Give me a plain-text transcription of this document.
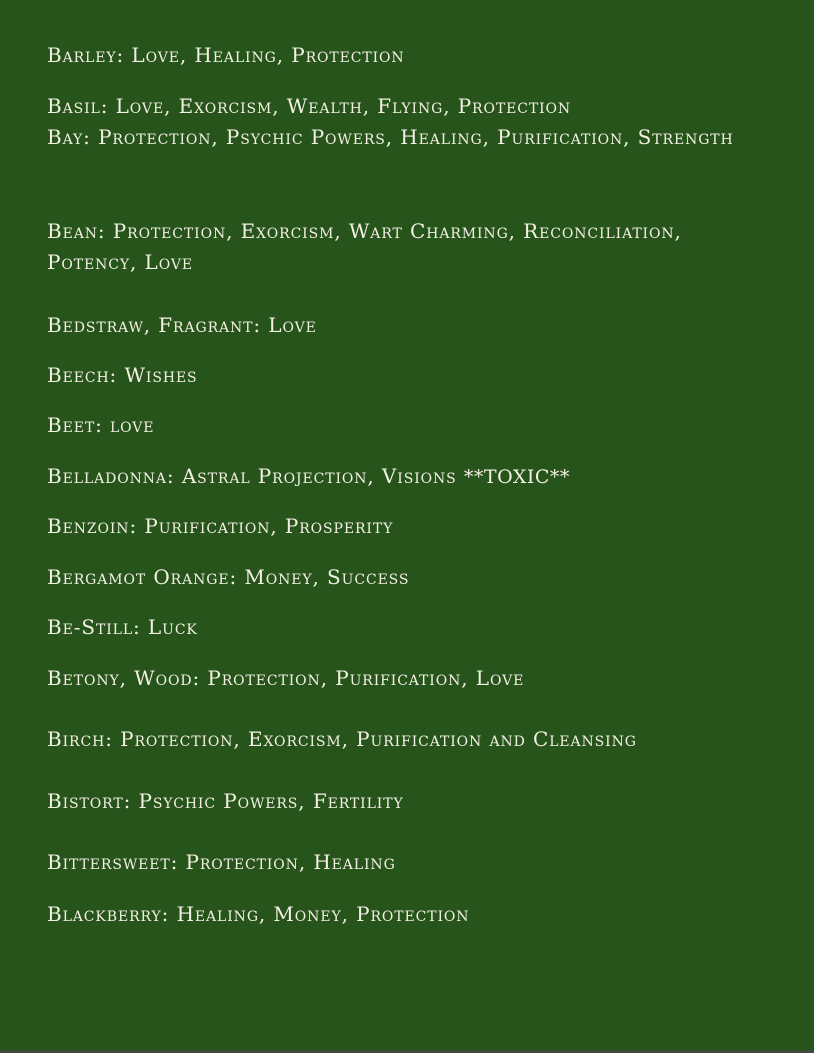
Barley: Love, Healing, Protection

Basil: Love, Exorcism, Wealth, Flying, Protection

Bay: Protection, Psychic Powers, Healing, Purification, Strength

Bean: Protection, Exorcism, Wart Charming, Reconciliation, Potency, Love

Bedstraw, Fragrant: Love

Beech: Wishes

Beet: love

Belladonna: Astral Projection, Visions **TOXIC**

Benzoin: Purification, Prosperity

Bergamot Orange: Money, Success

Be-Still: Luck

Betony, Wood: Protection, Purification, Love

Birch: Protection, Exorcism, Purification and Cleansing

Bistort: Psychic Powers, Fertility

Bittersweet: Protection, Healing

Blackberry: Healing, Money, Protection
